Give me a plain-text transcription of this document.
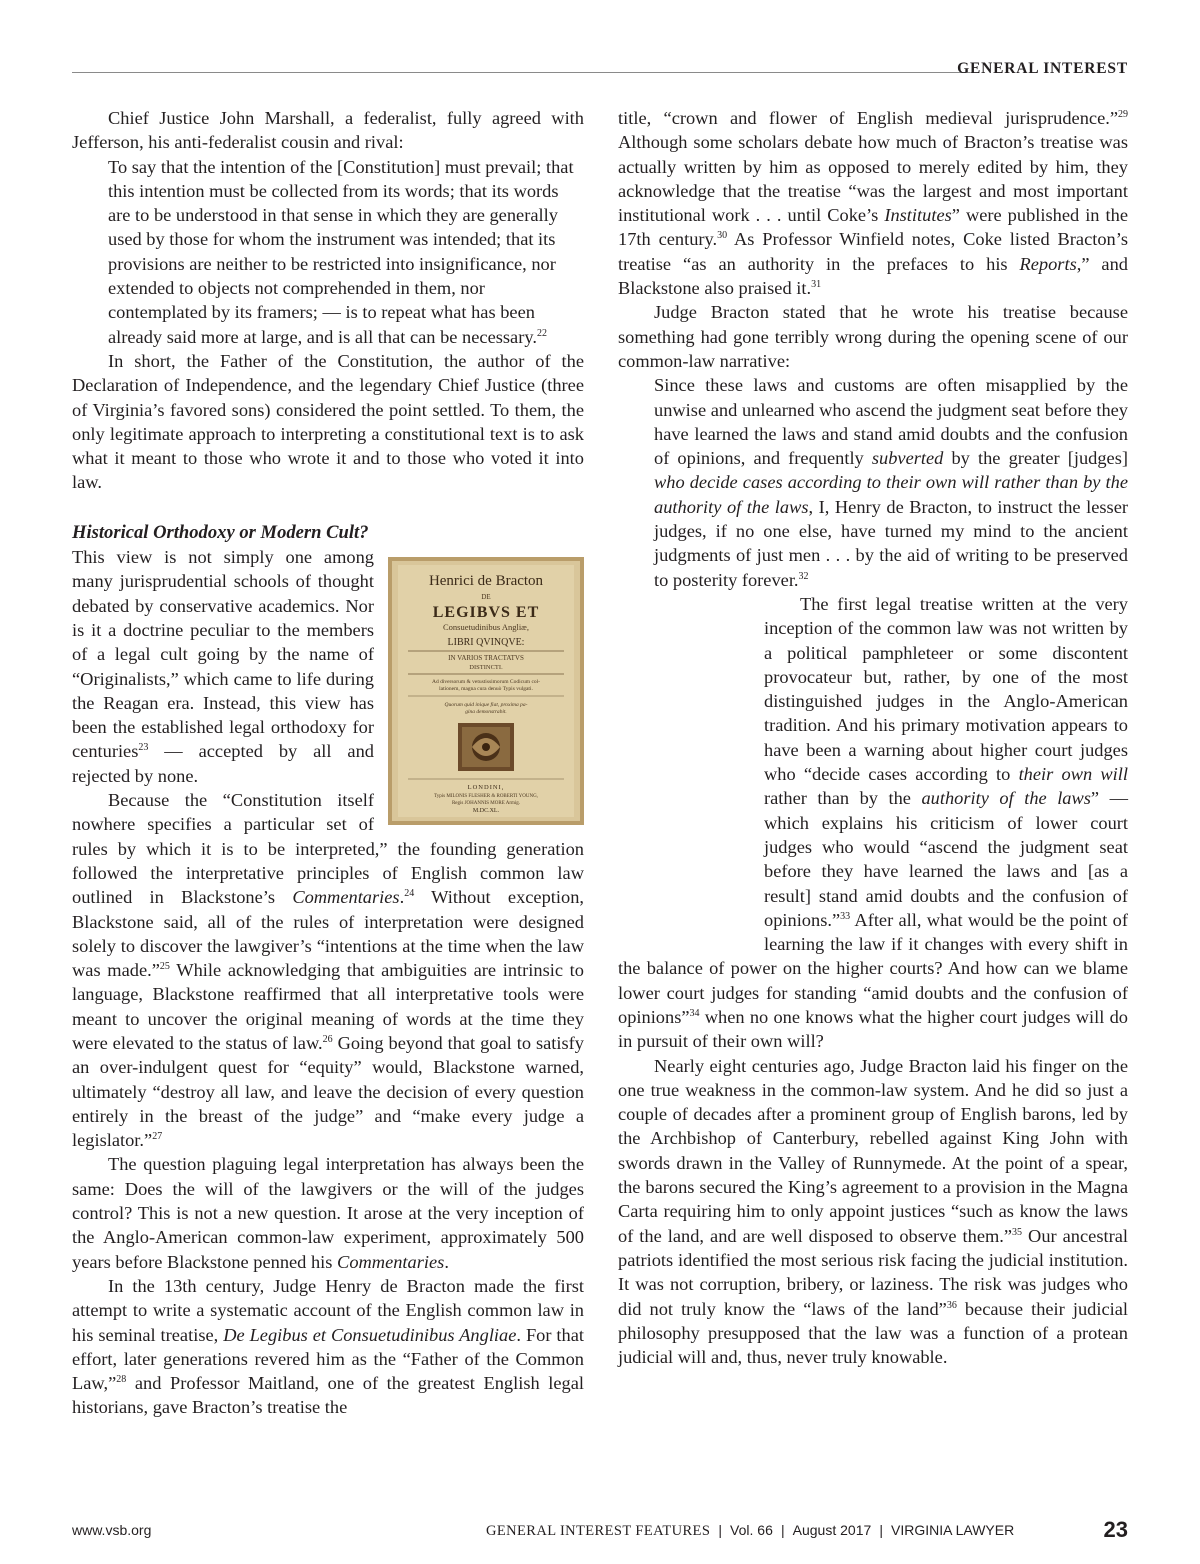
GENERAL INTEREST

Chief Justice John Marshall, a federalist, fully agreed with Jefferson, his anti-federalist cousin and rival:

To say that the intention of the [Constitution] must prevail; that this intention must be collected from its words; that its words are to be understood in that sense in which they are generally used by those for whom the instrument was intended; that its provisions are neither to be restricted into insignificance, nor extended to objects not comprehended in them, nor contemplated by its framers; — is to repeat what has been already said more at large, and is all that can be necessary.$^{22}$

In short, the Father of the Constitution, the author of the Declaration of Independence, and the legendary Chief Justice (three of Virginia’s favored sons) considered the point settled. To them, the only legitimate approach to interpreting a constitutional text is to ask what it meant to those who wrote it and to those who voted it into law.

Historical Orthodoxy or Modern Cult?
Henrici de Bracton
DE
LEGIBVS ET
Consuetudinibus Angliæ,
LIBRI QVINQVE:
IN VARIOS TRACTATVS
DISTINCTI.
Ad diversorum & vetustissimorum Codicum col-
lationem, magna cura denuò Typis vulgati.
Quorum quid inique fiat, proxima pa-
gina demonstrabit.
LONDINI,
Typis MILONIS FLESHER & ROBERTI YOUNG,
Regis JOHANNIS MORE Armig.
M.DC.XL.

This view is not simply one among many jurisprudential schools of thought debated by conservative academics. Nor is it a doctrine peculiar to the members of a legal cult going by the name of “Originalists,” which came to life during the Reagan era. Instead, this view has been the established legal orthodoxy for centuries$^{23}$ — accepted by all and rejected by none.

Because the “Constitution itself nowhere specifies a particular set of rules by which it is to be interpreted,” the founding generation followed the interpretative principles of English common law outlined in Blackstone’s Commentaries.$^{24}$ Without exception, Blackstone said, all of the rules of interpretation were designed solely to discover the lawgiver’s “intentions at the time when the law was made.”$^{25}$ While acknowledging that ambiguities are intrinsic to language, Blackstone reaffirmed that all interpretative tools were meant to uncover the original meaning of words at the time they were elevated to the status of law.$^{26}$ Going beyond that goal to satisfy an over-indulgent quest for “equity” would, Blackstone warned, ultimately “destroy all law, and leave the decision of every question entirely in the breast of the judge” and “make every judge a legislator.”$^{27}$

The question plaguing legal interpretation has always been the same: Does the will of the lawgivers or the will of the judges control? This is not a new question. It arose at the very inception of the Anglo-American common-law experiment, approximately 500 years before Blackstone penned his Commentaries.

In the 13th century, Judge Henry de Bracton made the first attempt to write a systematic account of the English common law in his seminal treatise, De Legibus et Consuetudinibus Angliae. For that effort, later generations revered him as the “Father of the Common Law,”$^{28}$ and Professor Maitland, one of the greatest English legal historians, gave Bracton’s treatise the

title, “crown and flower of English medieval jurisprudence.”$^{29}$ Although some scholars debate how much of Bracton’s treatise was actually written by him as opposed to merely edited by him, they acknowledge that the treatise “was the largest and most important institutional work . . . until Coke’s Institutes” were published in the 17th century.$^{30}$ As Professor Winfield notes, Coke listed Bracton’s treatise “as an authority in the prefaces to his Reports,” and Blackstone also praised it.$^{31}$

Judge Bracton stated that he wrote his treatise because something had gone terribly wrong during the opening scene of our common-law narrative:

Since these laws and customs are often misapplied by the unwise and unlearned who ascend the judgment seat before they have learned the laws and stand amid doubts and the confusion of opinions, and frequently subverted by the greater [judges] who decide cases according to their own will rather than by the authority of the laws, I, Henry de Bracton, to instruct the lesser judges, if no one else, have turned my mind to the ancient judgments of just men . . . by the aid of writing to be preserved to posterity forever.$^{32}$

The first legal treatise written at the very inception of the common law was not written by a political pamphleteer or some discontent provocateur but, rather, by one of the most distinguished judges in the Anglo-American tradition. And his primary motivation appears to have been a warning about higher court judges who “decide cases according to their own will rather than by the authority of the laws” — which explains his criticism of lower court judges who would “ascend the judgment seat before they have learned the laws and [as a result] stand amid doubts and the confusion of opinions.”$^{33}$ After all, what would be the point of learning the law if it changes with every shift in the balance of power on the higher courts? And how can we blame lower court judges for standing “amid doubts and the confusion of opinions”$^{34}$ when no one knows what the higher court judges will do in pursuit of their own will?

Nearly eight centuries ago, Judge Bracton laid his finger on the one true weakness in the common-law system. And he did so just a couple of decades after a prominent group of English barons, led by the Archbishop of Canterbury, rebelled against King John with swords drawn in the Valley of Runnymede. At the point of a spear, the barons secured the King’s agreement to a provision in the Magna Carta requiring him to only appoint justices “such as know the laws of the land, and are well disposed to observe them.”$^{35}$ Our ancestral patriots identified the most serious risk facing the judicial institution. It was not corruption, bribery, or laziness. The risk was judges who did not truly know the “laws of the land”$^{36}$ because their judicial philosophy presupposed that the law was a function of a protean judicial will and, thus, never truly knowable.

www.vsb.org	GENERAL INTEREST FEATURES | Vol. 66 | August 2017 | VIRGINIA LAWYER	23
